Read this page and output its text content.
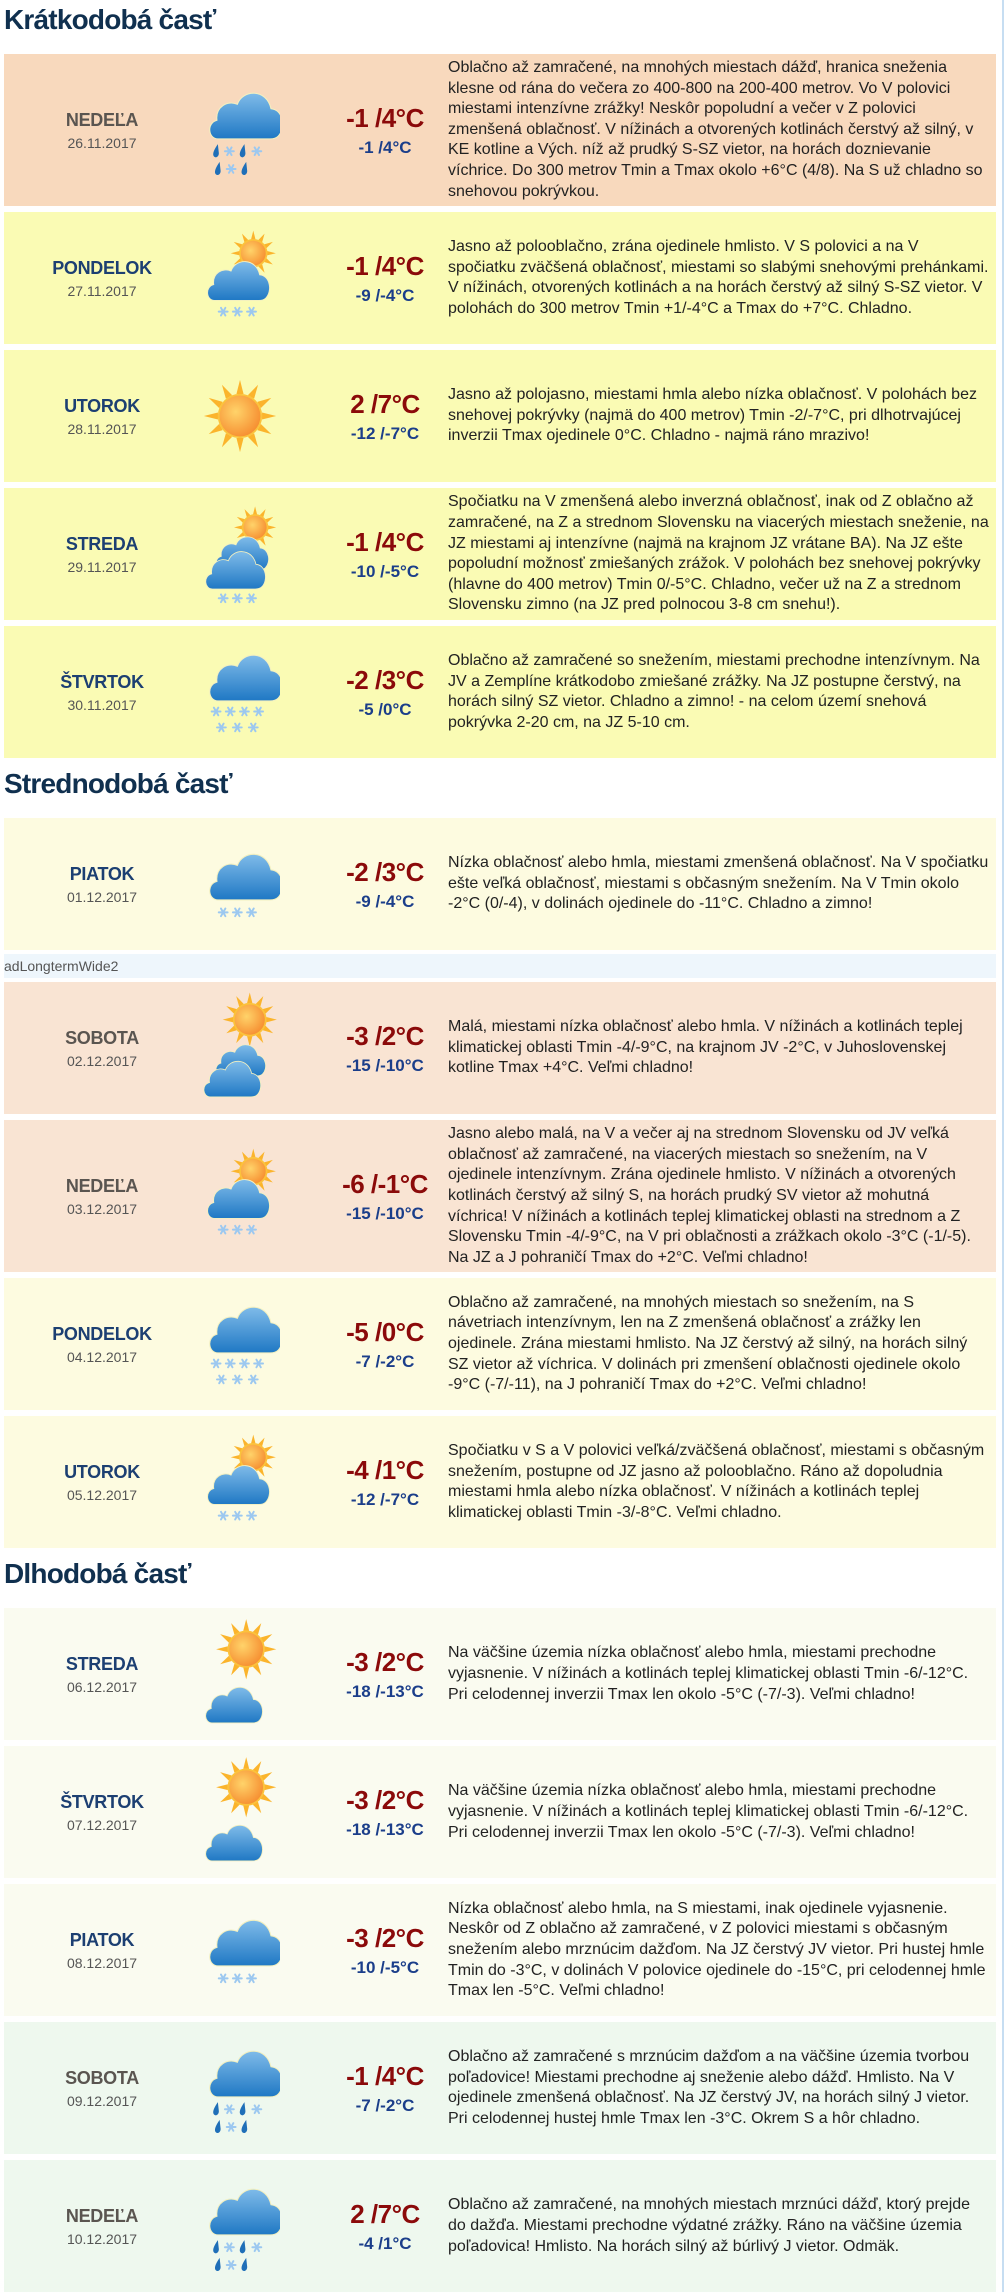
Krátkodobá časť
NEDEĽA
26.11.2017
-1 /4°C
-1 /4°C
Oblačno až zamračené, na mnohých miestach dážď, hranica sneženia klesne od rána do večera zo 400-800 na 200-400 metrov. Vo V polovici miestami intenzívne zrážky! Neskôr popoludní a večer v Z polovici zmenšená oblačnosť. V nížinách a otvorených kotlinách čerstvý až silný, v KE kotline a Vých. níž až prudký S-SZ vietor, na horách doznievanie víchrice. Do 300 metrov Tmin a Tmax okolo +6°C (4/8). Na S už chladno so snehovou pokrývkou.
PONDELOK
27.11.2017
-1 /4°C
-9 /-4°C
Jasno až polooblačno, zrána ojedinele hmlisto. V S polovici a na V spočiatku zväčšená oblačnosť, miestami so slabými snehovými prehánkami. V nížinách, otvorených kotlinách a na horách čerstvý až silný S-SZ vietor. V polohách do 300 metrov Tmin +1/-4°C a Tmax do +7°C. Chladno.
UTOROK
28.11.2017
2 /7°C
-12 /-7°C
Jasno až polojasno, miestami hmla alebo nízka oblačnosť. V polohách bez snehovej pokrývky (najmä do 400 metrov) Tmin -2/-7°C, pri dlhotrvajúcej inverzii Tmax ojedinele 0°C. Chladno - najmä ráno mrazivo!
STREDA
29.11.2017
-1 /4°C
-10 /-5°C
Spočiatku na V zmenšená alebo inverzná oblačnosť, inak od Z oblačno až zamračené, na Z a strednom Slovensku na viacerých miestach sneženie, na JZ miestami aj intenzívne (najmä na krajnom JZ vrátane BA). Na JZ ešte popoludní možnosť zmiešaných zrážok. V polohách bez snehovej pokrývky (hlavne do 400 metrov) Tmin 0/-5°C. Chladno, večer už na Z a strednom Slovensku zimno (na JZ pred polnocou 3-8 cm snehu!).
ŠTVRTOK
30.11.2017
-2 /3°C
-5 /0°C
Oblačno až zamračené so snežením, miestami prechodne intenzívnym. Na JV a Zemplíne krátkodobo zmiešané zrážky. Na JZ postupne čerstvý, na horách silný SZ vietor. Chladno a zimno! - na celom území snehová pokrývka 2-20 cm, na JZ 5-10 cm.
Strednodobá časť
PIATOK
01.12.2017
-2 /3°C
-9 /-4°C
Nízka oblačnosť alebo hmla, miestami zmenšená oblačnosť. Na V spočiatku ešte veľká oblačnosť, miestami s občasným snežením. Na V Tmin okolo -2°C (0/-4), v dolinách ojedinele do -11°C. Chladno a zimno!
adLongtermWide2
SOBOTA
02.12.2017
-3 /2°C
-15 /-10°C
Malá, miestami nízka oblačnosť alebo hmla. V nížinách a kotlinách teplej klimatickej oblasti Tmin -4/-9°C, na krajnom JV -2°C, v Juhoslovenskej kotline Tmax +4°C. Veľmi chladno!
NEDEĽA
03.12.2017
-6 /-1°C
-15 /-10°C
Jasno alebo malá, na V a večer aj na strednom Slovensku od JV veľká oblačnosť až zamračené, na viacerých miestach so snežením, na V ojedinele intenzívnym. Zrána ojedinele hmlisto. V nížinách a otvorených kotlinách čerstvý až silný S, na horách prudký SV vietor až mohutná víchrica! V nížinách a kotlinách teplej klimatickej oblasti na strednom a Z Slovensku Tmin -4/-9°C, na V pri oblačnosti a zrážkach okolo -3°C (-1/-5). Na JZ a J pohraničí Tmax do +2°C. Veľmi chladno!
PONDELOK
04.12.2017
-5 /0°C
-7 /-2°C
Oblačno až zamračené, na mnohých miestach so snežením, na S návetriach intenzívnym, len na Z zmenšená oblačnosť a zrážky len ojedinele. Zrána miestami hmlisto. Na JZ čerstvý až silný, na horách silný SZ vietor až víchrica. V dolinách pri zmenšení oblačnosti ojedinele okolo -9°C (-7/-11), na J pohraničí Tmax do +2°C. Veľmi chladno!
UTOROK
05.12.2017
-4 /1°C
-12 /-7°C
Spočiatku v S a V polovici veľká/zväčšená oblačnosť, miestami s občasným snežením, postupne od JZ jasno až polooblačno. Ráno až dopoludnia miestami hmla alebo nízka oblačnosť. V nížinách a kotlinách teplej klimatickej oblasti Tmin -3/-8°C. Veľmi chladno.
Dlhodobá časť
STREDA
06.12.2017
-3 /2°C
-18 /-13°C
Na väčšine územia nízka oblačnosť alebo hmla, miestami prechodne vyjasnenie. V nížinách a kotlinách teplej klimatickej oblasti Tmin -6/-12°C. Pri celodennej inverzii Tmax len okolo -5°C (-7/-3). Veľmi chladno!
ŠTVRTOK
07.12.2017
-3 /2°C
-18 /-13°C
Na väčšine územia nízka oblačnosť alebo hmla, miestami prechodne vyjasnenie. V nížinách a kotlinách teplej klimatickej oblasti Tmin -6/-12°C. Pri celodennej inverzii Tmax len okolo -5°C (-7/-3). Veľmi chladno!
PIATOK
08.12.2017
-3 /2°C
-10 /-5°C
Nízka oblačnosť alebo hmla, na S miestami, inak ojedinele vyjasnenie. Neskôr od Z oblačno až zamračené, v Z polovici miestami s občasným snežením alebo mrznúcim dažďom. Na JZ čerstvý JV vietor. Pri hustej hmle Tmin do -3°C, v dolinách V polovice ojedinele do -15°C, pri celodennej hmle Tmax len -5°C. Veľmi chladno!
SOBOTA
09.12.2017
-1 /4°C
-7 /-2°C
Oblačno až zamračené s mrznúcim dažďom a na väčšine územia tvorbou poľadovice! Miestami prechodne aj sneženie alebo dážď. Hmlisto. Na V ojedinele zmenšená oblačnosť. Na JZ čerstvý JV, na horách silný J vietor. Pri celodennej hustej hmle Tmax len -3°C. Okrem S a hôr chladno.
NEDEĽA
10.12.2017
2 /7°C
-4 /1°C
Oblačno až zamračené, na mnohých miestach mrznúci dážď, ktorý prejde do dažďa. Miestami prechodne výdatné zrážky. Ráno na väčšine územia poľadovica! Hmlisto. Na horách silný až búrlivý J vietor. Odmäk.
